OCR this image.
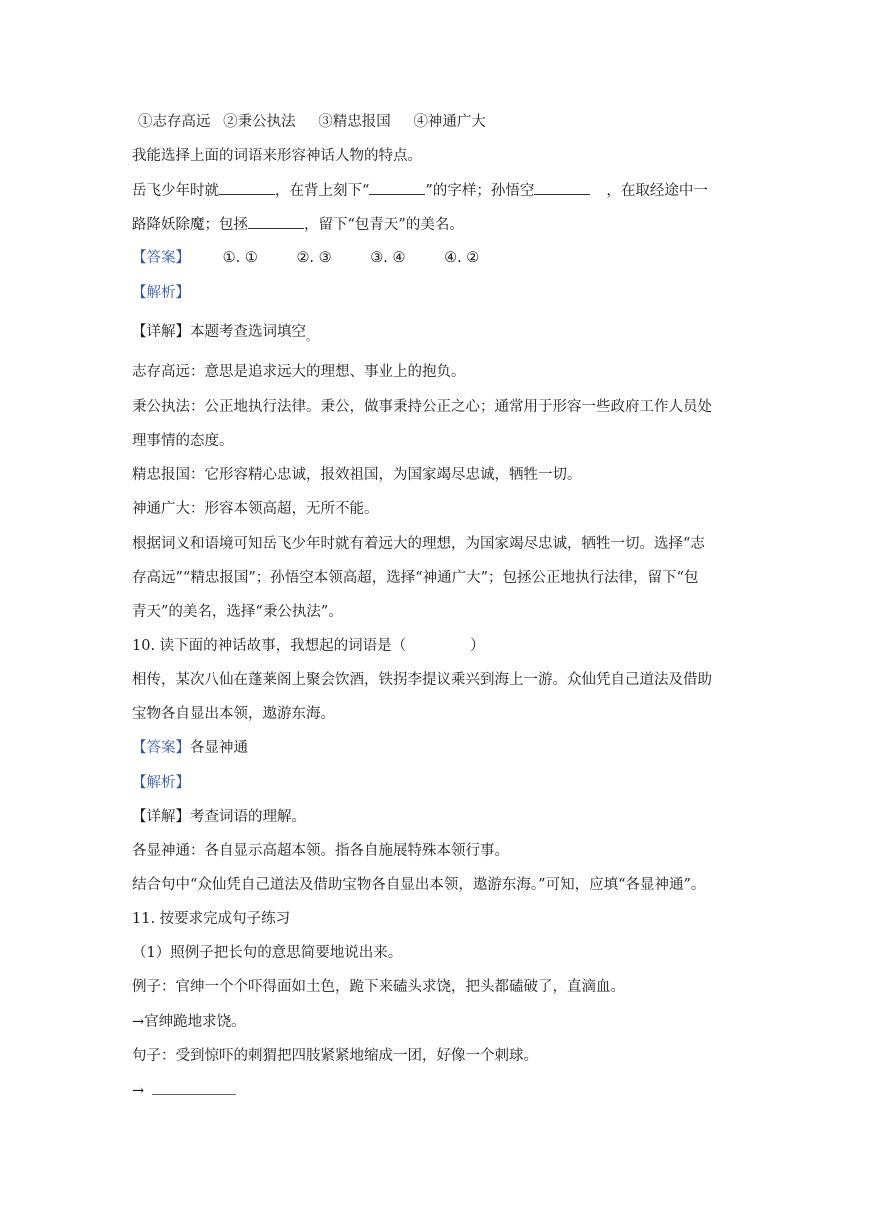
①志存高远 ②秉公执法 ③精忠报国 ④神通广大
我能选择上面的词语来形容神话人物的特点。
岳飞少年时就	，在背上刻下“	”的字样；孙悟空	，在取经途中一
路降妖除魔；包拯	，留下“包青天”的美名。
【答案】 ①. ①	②. ③	③. ④	④. ②
【解析】
【详解】本题考查选词填空$_。$
志存高远：意思是追求远大的理想、事业上的抱负。
秉公执法：公正地执行法律。秉公，做事秉持公正之心；通常用于形容一些政府工作人员处
理事情的态度。
精忠报国：它形容精心忠诚，报效祖国，为国家竭尽忠诚，牺牲一切。
神通广大：形容本领高超，无所不能。
根据词义和语境可知岳飞少年时就有着远大的理想，为国家竭尽忠诚，牺牲一切。选择“志
存高远”“精忠报国”；孙悟空本领高超，选择“神通广大”；包拯公正地执行法律，留下“包
青天”的美名，选择“秉公执法”。
10. 读下面的神话故事，我想起的词语是（	）
相传，某次八仙在蓬莱阁上聚会饮酒，铁拐李提议乘兴到海上一游。众仙凭自己道法及借助
宝物各自显出本领，遨游东海。
【答案】各显神通
【解析】
【详解】考查词语的理解。
各显神通：各自显示高超本领。指各自施展特殊本领行事。
结合句中“众仙凭自己道法及借助宝物各自显出本领，遨游东海。”可知，应填“各显神通”。
11. 按要求完成句子练习
（1）照例子把长句的意思简要地说出来。
例子：官绅一个个吓得面如土色，跪下来磕头求饶，把头都磕破了，直滴血。
→官绅跪地求饶。
句子：受到惊吓的刺猬把四肢紧紧地缩成一团，好像一个刺球。
→
